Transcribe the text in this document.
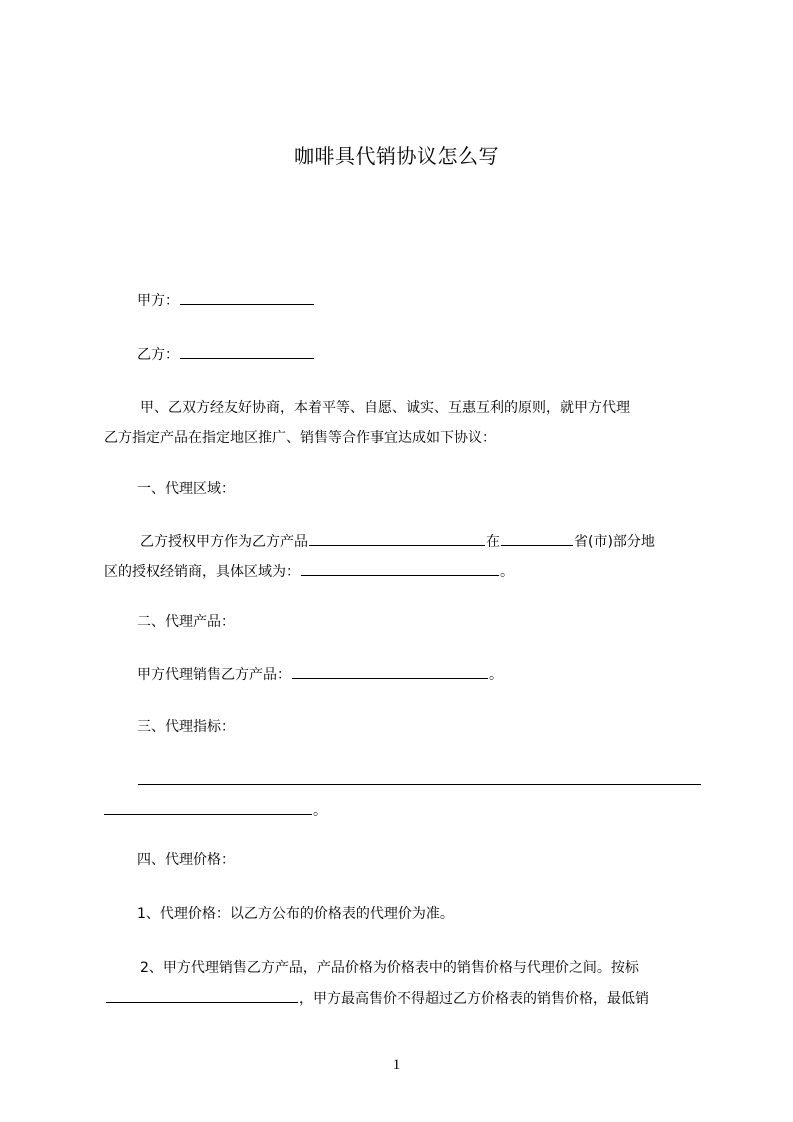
咖啡具代销协议怎么写
甲方：
乙方：
甲、乙双方经友好协商，本着平等、自愿、诚实、互惠互利的原则，就甲方代理
乙方指定产品在指定地区推广、销售等合作事宜达成如下协议：
一、代理区域：
乙方授权甲方作为乙方产品	在	省(市)部分地
区的授权经销商，具体区域为：	。
二、代理产品：
甲方代理销售乙方产品：	。
三、代理指标：
。
四、代理价格：
1、代理价格：以乙方公布的价格表的代理价为准。
2、甲方代理销售乙方产品，产品价格为价格表中的销售价格与代理价之间。按标
，甲方最高售价不得超过乙方价格表的销售价格，最低销
1
